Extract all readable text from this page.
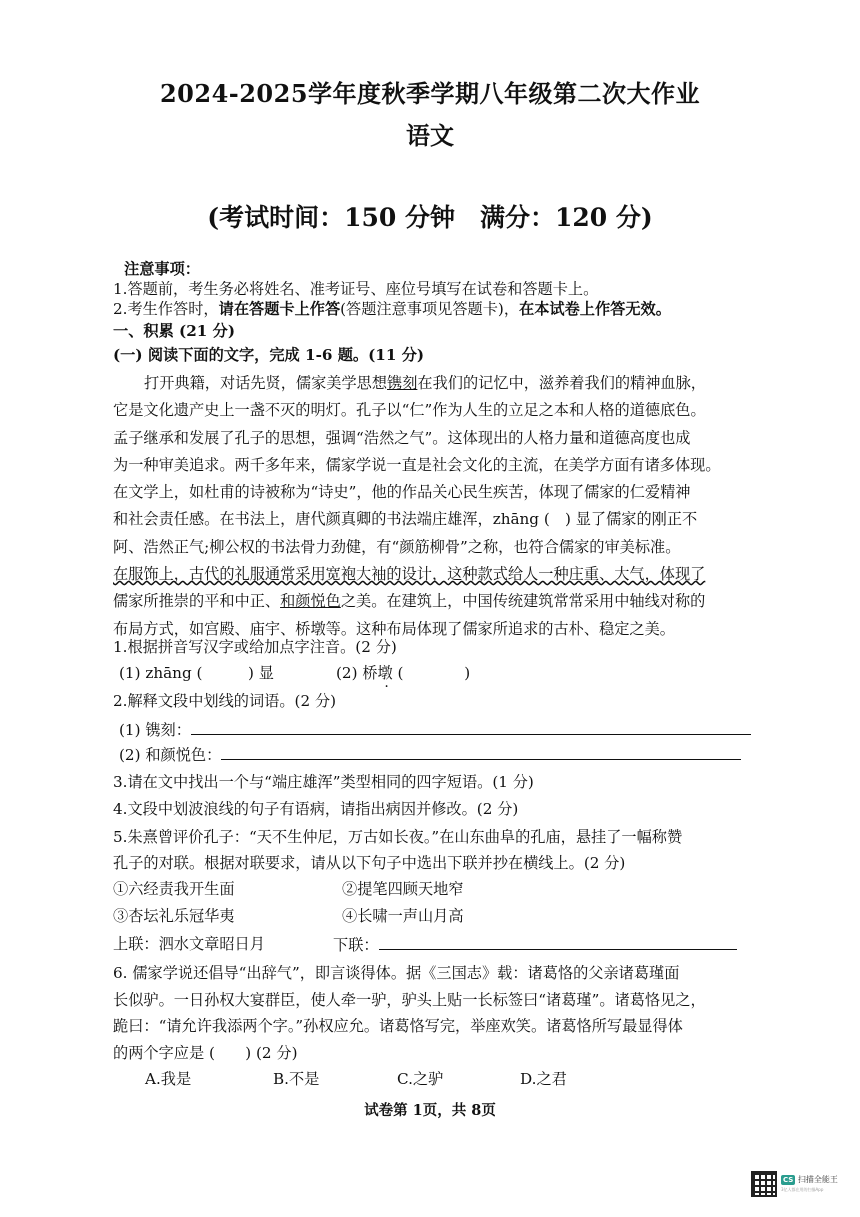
2024-2025学年度秋季学期八年级第二次大作业
语文
(考试时间：150 分钟　满分：120 分)
注意事项：
1.答题前，考生务必将姓名、准考证号、座位号填写在试卷和答题卡上。
2.考生作答时，请在答题卡上作答(答题注意事项见答题卡)，在本试卷上作答无效。
一、积累 (21 分)
(一) 阅读下面的文字，完成 1-6 题。(11 分)
打开典籍，对话先贤，儒家美学思想镌刻在我们的记忆中，滋养着我们的精神血脉，
它是文化遗产史上一盏不灭的明灯。孔子以“仁”作为人生的立足之本和人格的道德底色。
孟子继承和发展了孔子的思想，强调“浩然之气”。这体现出的人格力量和道德高度也成
为一种审美追求。两千多年来，儒家学说一直是社会文化的主流，在美学方面有诸多体现。
在文学上，如杜甫的诗被称为“诗史”，他的作品关心民生疾苦，体现了儒家的仁爱精神
和社会责任感。在书法上，唐代颜真卿的书法端庄雄浑，zhāng (　) 显了儒家的刚正不
阿、浩然正气;柳公权的书法骨力劲健，有“颜筋柳骨”之称，也符合儒家的审美标准。
在服饰上，古代的礼服通常采用宽袍大袖的设计，这种款式给人一种庄重、大气，体现了
儒家所推崇的平和中正、和颜悦色之美。在建筑上，中国传统建筑常常采用中轴线对称的
布局方式，如宫殿、庙宇、桥墩等。这种布局体现了儒家所追求的古朴、稳定之美。
1.根据拼音写汉字或给加点字注音。(2 分)
(1) zhāng (　　　) 显	(2) 桥墩 (　　　　)
2.解释文段中划线的词语。(2 分)
(1) 镌刻：
(2) 和颜悦色：
3.请在文中找出一个与“端庄雄浑”类型相同的四字短语。(1 分)
4.文段中划波浪线的句子有语病，请指出病因并修改。(2 分)
5.朱熹曾评价孔子：“天不生仲尼，万古如长夜。”在山东曲阜的孔庙，悬挂了一幅称赞
孔子的对联。根据对联要求，请从以下句子中选出下联并抄在横线上。(2 分)
①六经责我开生面	②提笔四顾天地窄
③杏坛礼乐冠华夷	④长啸一声山月高
上联：泗水文章昭日月	下联：
6. 儒家学说还倡导“出辞气”，即言谈得体。据《三国志》载：诸葛恪的父亲诸葛瑾面
长似驴。一日孙权大宴群臣，使人牵一驴，驴头上贴一长标签曰“诸葛瑾”。诸葛恪见之，
跪曰：“请允许我添两个字。”孙权应允。诸葛恪写完，举座欢笑。诸葛恪所写最显得体
的两个字应是 (　　) (2 分)
A.我是	B.不是	C.之驴	D.之君
试卷第 1页，共 8页
CS 扫描全能王
3亿人都在用的扫描App
